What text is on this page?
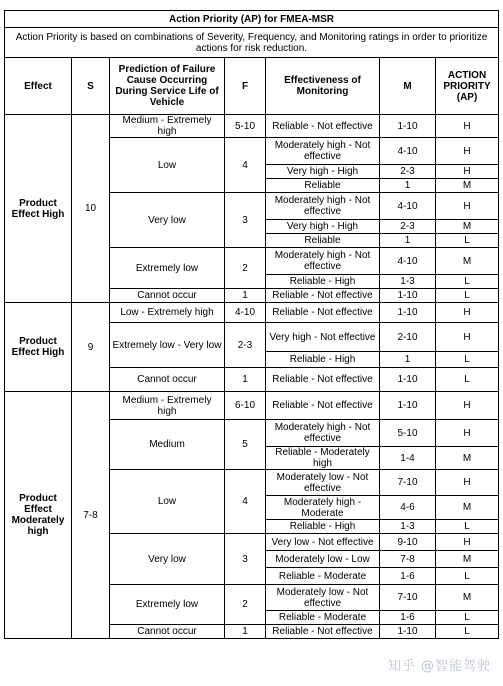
Action Priority (AP) for FMEA-MSR						
Action Priority is based on combinations of Severity, Frequency, and Monitoring ratings in order to prioritize actions for risk reduction.						
Effect	S	Prediction of Failure Cause Occurring During Service Life of Vehicle	F	Effectiveness of Monitoring	M	ACTION PRIORITY (AP)
Product Effect High	10	Medium - Extremely high	5-10	Reliable - Not effective	1-10	H
		Low	4	Moderately high - Not effective	4-10	H
				Very high - High	2-3	H
				Reliable	1	M
		Very low	3	Moderately high - Not effective	4-10	H
				Very high - High	2-3	M
				Reliable	1	L
		Extremely low	2	Moderately high - Not effective	4-10	M
				Reliable - High	1-3	L
		Cannot occur	1	Reliable - Not effective	1-10	L
Product Effect High	9	Low - Extremely high	4-10	Reliable - Not effective	1-10	H
		Extremely low - Very low	2-3	Very high - Not effective	2-10	H
				Reliable - High	1	L
		Cannot occur	1	Reliable - Not effective	1-10	L
Product Effect Moderately high	7-8	Medium - Extremely high	6-10	Reliable - Not effective	1-10	H
		Medium	5	Moderately high - Not effective	5-10	H
				Reliable - Moderately high	1-4	M
		Low	4	Moderately low - Not effective	7-10	H
				Moderately high - Moderate	4-6	M
				Reliable - High	1-3	L
		Very low	3	Very low - Not effective	9-10	H
				Moderately low - Low	7-8	M
				Reliable - Moderate	1-6	L
		Extremely low	2	Moderately low - Not effective	7-10	M
				Reliable - Moderate	1-6	L
		Cannot occur	1	Reliable - Not effective	1-10	L
知乎 @智能驾驶
